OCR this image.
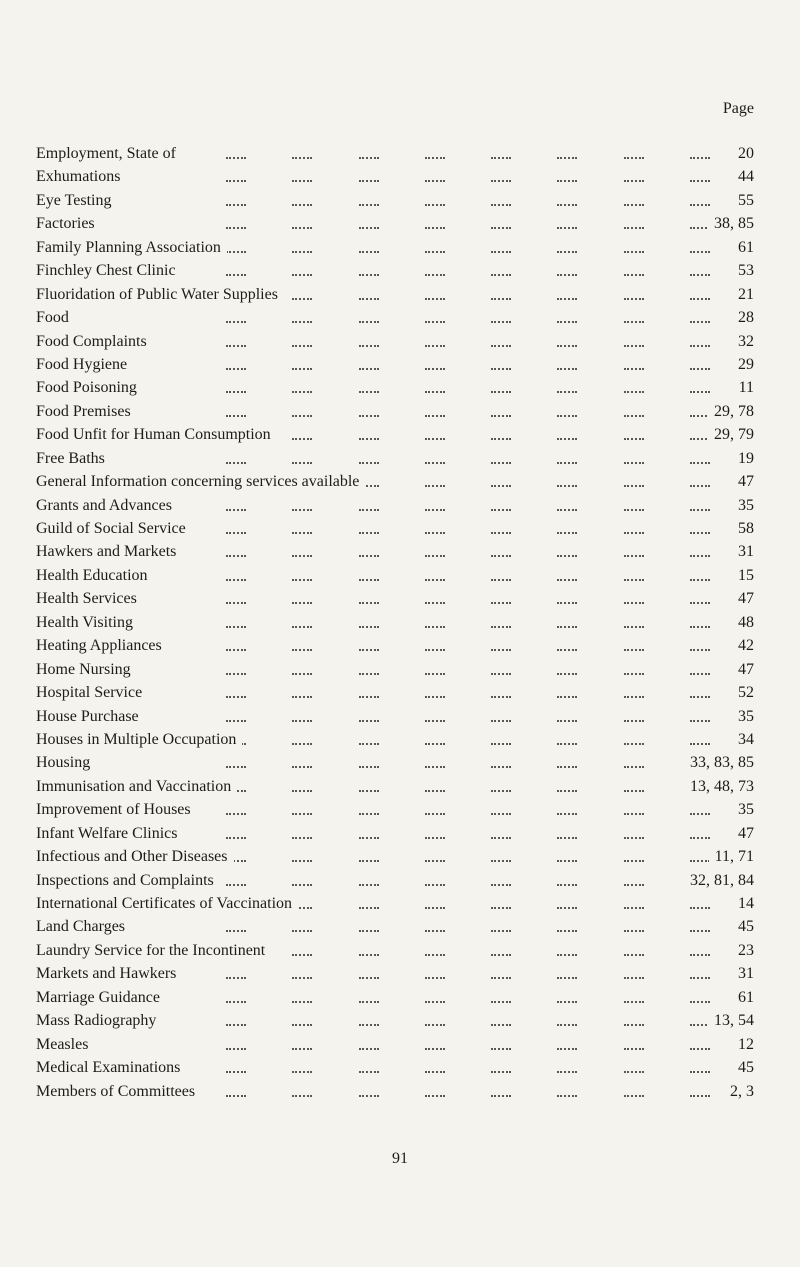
Page
Employment, State of	20
Exhumations	44
Eye Testing	55
Factories	38, 85
Family Planning Association	61
Finchley Chest Clinic	53
Fluoridation of Public Water Supplies	21
Food	28
Food Complaints	32
Food Hygiene	29
Food Poisoning	11
Food Premises	29, 78
Food Unfit for Human Consumption	29, 79
Free Baths	19
General Information concerning services available	47
Grants and Advances	35
Guild of Social Service	58
Hawkers and Markets	31
Health Education	15
Health Services	47
Health Visiting	48
Heating Appliances	42
Home Nursing	47
Hospital Service	52
House Purchase	35
Houses in Multiple Occupation	34
Housing	33, 83, 85
Immunisation and Vaccination	13, 48, 73
Improvement of Houses	35
Infant Welfare Clinics	47
Infectious and Other Diseases	11, 71
Inspections and Complaints	32, 81, 84
International Certificates of Vaccination	14
Land Charges	45
Laundry Service for the Incontinent	23
Markets and Hawkers	31
Marriage Guidance	61
Mass Radiography	13, 54
Measles	12
Medical Examinations	45
Members of Committees	2, 3
91
